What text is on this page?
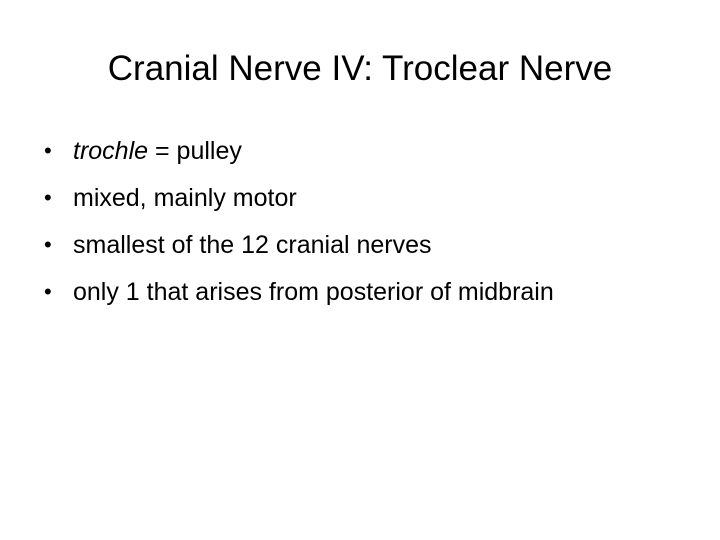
Cranial Nerve IV: Troclear Nerve
• trochle = pulley
• mixed, mainly motor
• smallest of the 12 cranial nerves
• only 1 that arises from posterior of midbrain
